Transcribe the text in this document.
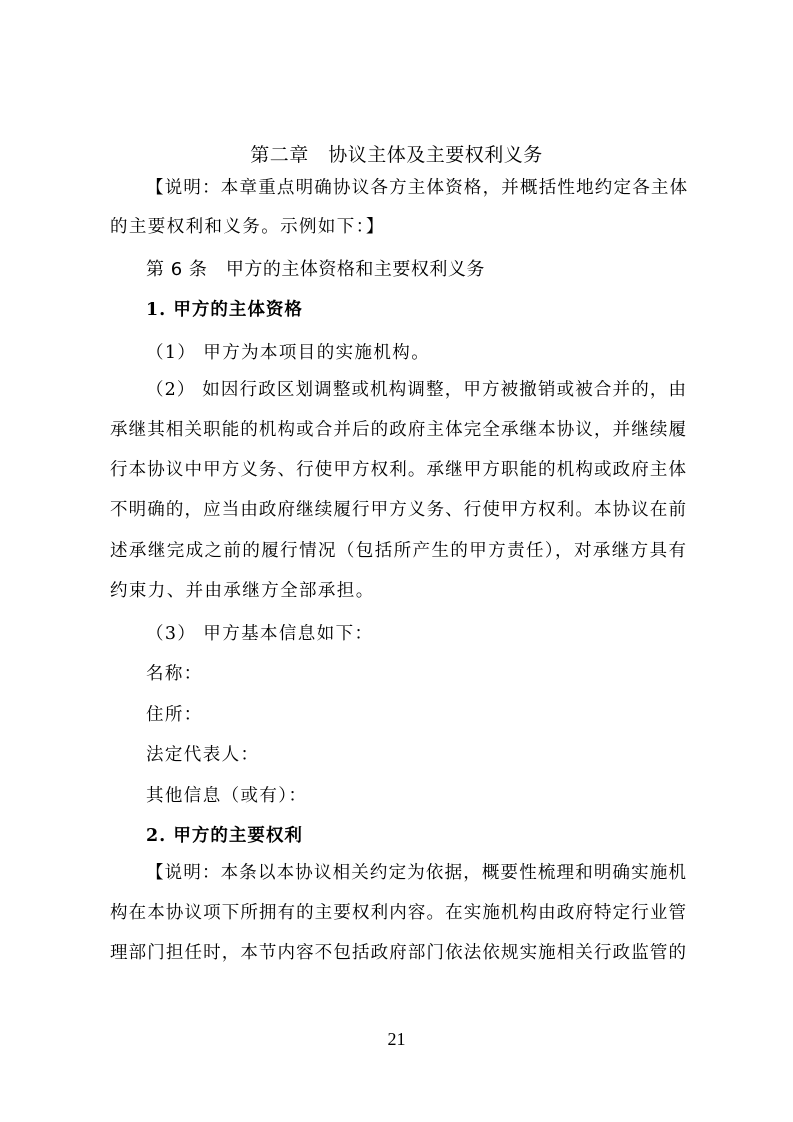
第二章　协议主体及主要权利义务
【说明：本章重点明确协议各方主体资格，并概括性地约定各主体
的主要权利和义务。示例如下：】
第 6 条　甲方的主体资格和主要权利义务
1. 甲方的主体资格
（1） 甲方为本项目的实施机构。
（2） 如因行政区划调整或机构调整，甲方被撤销或被合并的，由
承继其相关职能的机构或合并后的政府主体完全承继本协议，并继续履
行本协议中甲方义务、行使甲方权利。承继甲方职能的机构或政府主体
不明确的，应当由政府继续履行甲方义务、行使甲方权利。本协议在前
述承继完成之前的履行情况（包括所产生的甲方责任），对承继方具有
约束力、并由承继方全部承担。
（3） 甲方基本信息如下：
名称：
住所：
法定代表人：
其他信息（或有）：
2. 甲方的主要权利
【说明：本条以本协议相关约定为依据，概要性梳理和明确实施机
构在本协议项下所拥有的主要权利内容。在实施机构由政府特定行业管
理部门担任时，本节内容不包括政府部门依法依规实施相关行政监管的
21
